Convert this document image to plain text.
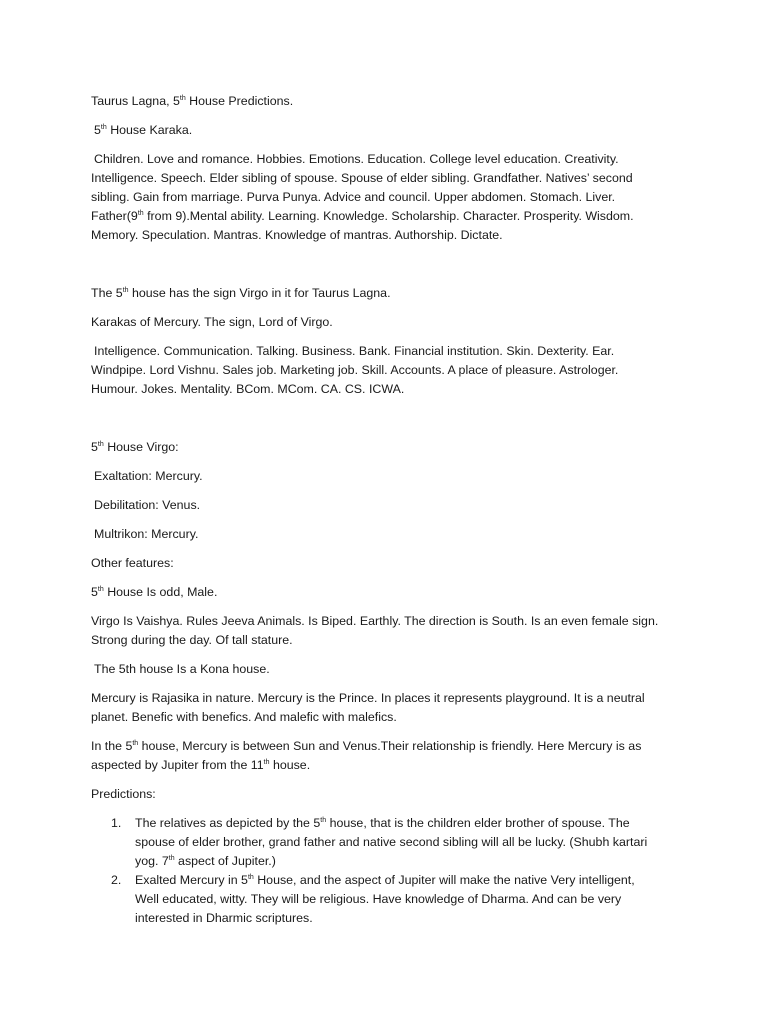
Taurus Lagna, 5th House Predictions.
5th House Karaka.
Children. Love and romance. Hobbies. Emotions. Education. College level education. Creativity.
Intelligence. Speech. Elder sibling of spouse. Spouse of elder sibling. Grandfather. Natives’ second
sibling. Gain from marriage. Purva Punya. Advice and council. Upper abdomen. Stomach. Liver.
Father(9th from 9).Mental ability. Learning. Knowledge. Scholarship. Character. Prosperity. Wisdom.
Memory. Speculation. Mantras. Knowledge of mantras. Authorship. Dictate.
The 5th house has the sign Virgo in it for Taurus Lagna.
Karakas of Mercury. The sign, Lord of Virgo.
Intelligence. Communication. Talking. Business. Bank. Financial institution. Skin. Dexterity. Ear.
Windpipe. Lord Vishnu. Sales job. Marketing job. Skill. Accounts. A place of pleasure. Astrologer.
Humour. Jokes. Mentality. BCom. MCom. CA. CS. ICWA.
5th House Virgo:
Exaltation: Mercury.
Debilitation: Venus.
Multrikon: Mercury.
Other features:
5th House Is odd, Male.
Virgo Is Vaishya. Rules Jeeva Animals. Is Biped. Earthly. The direction is South. Is an even female sign.
Strong during the day. Of tall stature.
The 5th house Is a Kona house.
Mercury is Rajasika in nature. Mercury is the Prince. In places it represents playground. It is a neutral
planet. Benefic with benefics. And malefic with malefics.
In the 5th house, Mercury is between Sun and Venus.Their relationship is friendly. Here Mercury is as
aspected by Jupiter from the 11th house.
Predictions:
1. The relatives as depicted by the 5th house, that is the children elder brother of spouse. The
spouse of elder brother, grand father and native second sibling will all be lucky. (Shubh kartari
yog. 7th aspect of Jupiter.)
2. Exalted Mercury in 5th House, and the aspect of Jupiter will make the native Very intelligent,
Well educated, witty. They will be religious. Have knowledge of Dharma. And can be very
interested in Dharmic scriptures.
